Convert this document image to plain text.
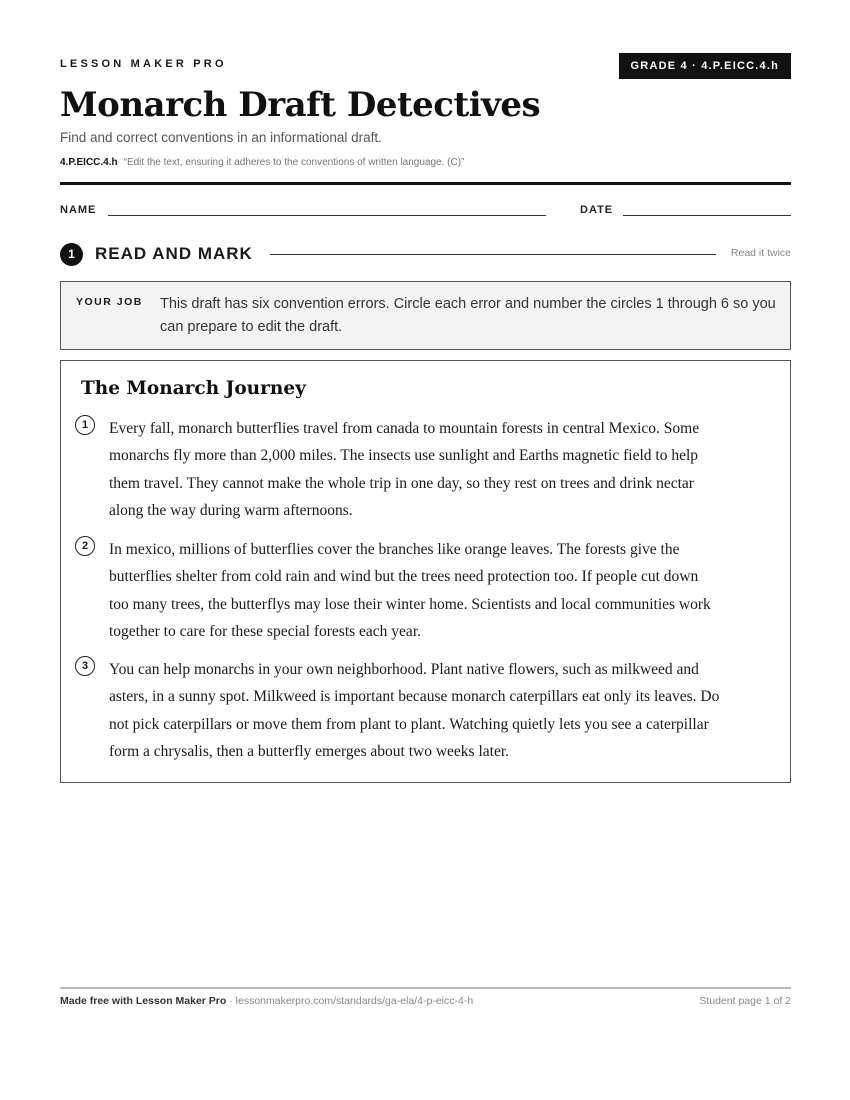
LESSON MAKER PRO	GRADE 4 · 4.P.EICC.4.h
Monarch Draft Detectives
Find and correct conventions in an informational draft.
4.P.EICC.4.h “Edit the text, ensuring it adheres to the conventions of written language. (C)”
NAME	DATE
1	READ AND MARK	Read it twice
YOUR JOB This draft has six convention errors. Circle each error and number the circles 1 through 6 so you can prepare to edit the draft.
The Monarch Journey
1	Every fall, monarch butterflies travel from canada to mountain forests in central Mexico. Some
monarchs fly more than 2,000 miles. The insects use sunlight and Earths magnetic field to help
them travel. They cannot make the whole trip in one day, so they rest on trees and drink nectar
along the way during warm afternoons.
2	In mexico, millions of butterflies cover the branches like orange leaves. The forests give the
butterflies shelter from cold rain and wind but the trees need protection too. If people cut down
too many trees, the butterflys may lose their winter home. Scientists and local communities work
together to care for these special forests each year.
3	You can help monarchs in your own neighborhood. Plant native flowers, such as milkweed and
asters, in a sunny spot. Milkweed is important because monarch caterpillars eat only its leaves. Do
not pick caterpillars or move them from plant to plant. Watching quietly lets you see a caterpillar
form a chrysalis, then a butterfly emerges about two weeks later.
Made free with Lesson Maker Pro · lessonmakerpro.com/standards/ga-ela/4-p-eicc-4-h	Student page 1 of 2
